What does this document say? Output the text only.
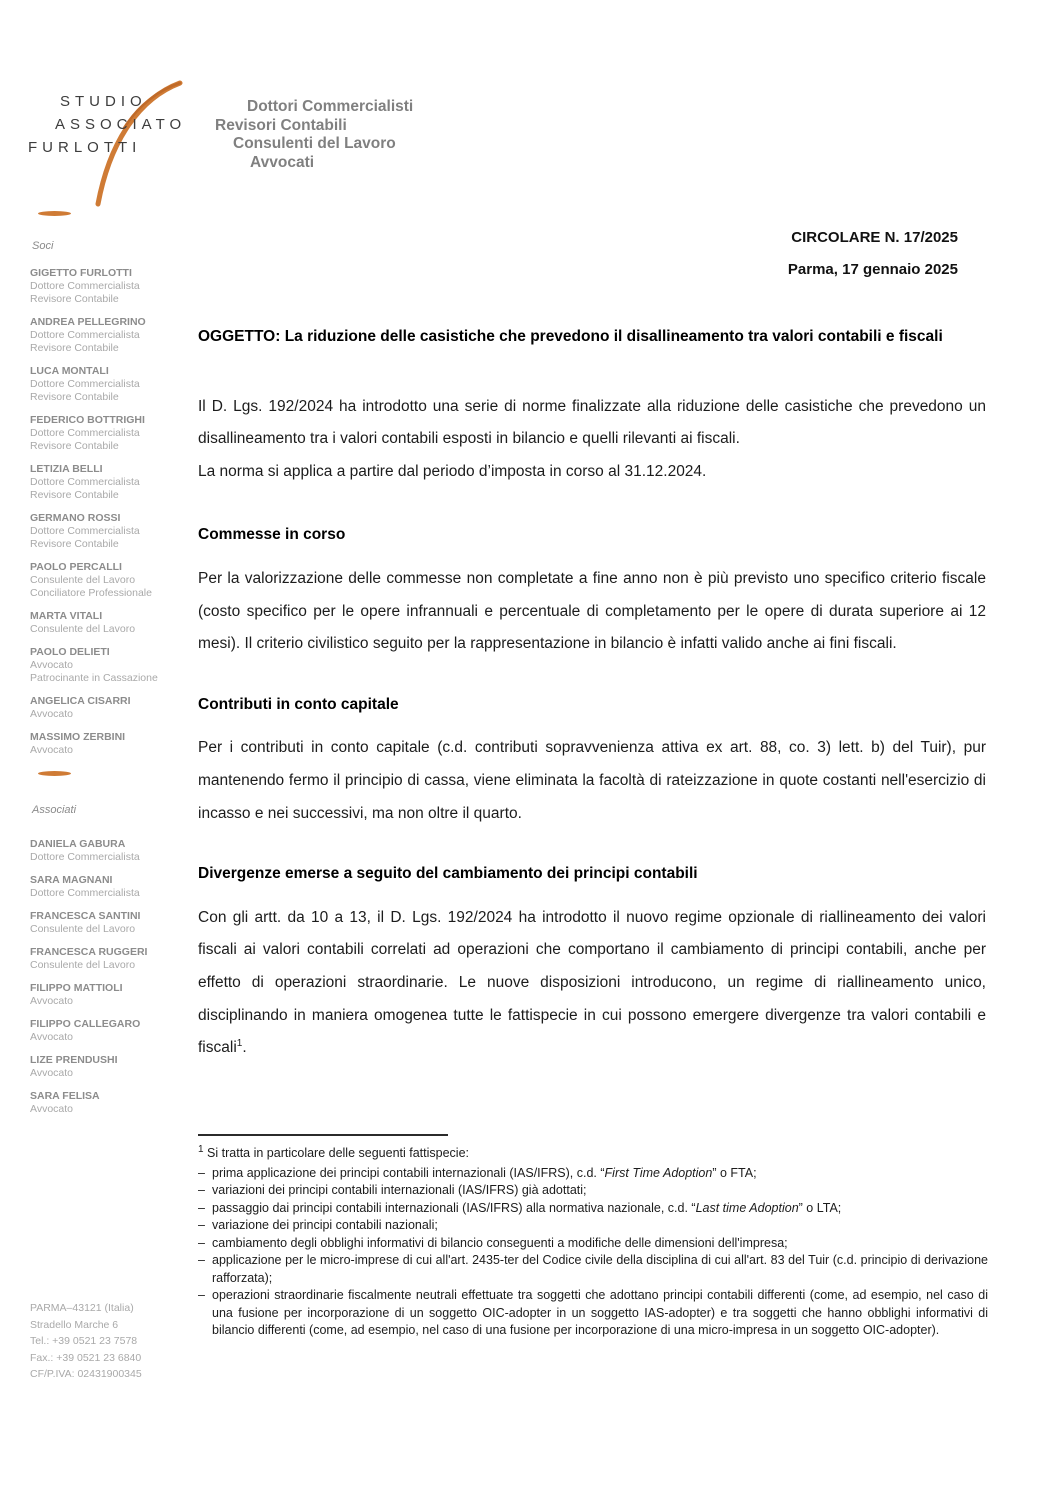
STUDIO
ASSOCIATO
FURLOTTI
Dottori Commercialisti
Revisori Contabili
Consulenti del Lavoro
Avvocati
CIRCOLARE N. 17/2025
Parma, 17 gennaio 2025
Soci
GIGETTO FURLOTTI
Dottore Commercialista
Revisore Contabile
ANDREA PELLEGRINO
Dottore Commercialista
Revisore Contabile
LUCA MONTALI
Dottore Commercialista
Revisore Contabile
FEDERICO BOTTRIGHI
Dottore Commercialista
Revisore Contabile
LETIZIA BELLI
Dottore Commercialista
Revisore Contabile
GERMANO ROSSI
Dottore Commercialista
Revisore Contabile
PAOLO PERCALLI
Consulente del Lavoro
Conciliatore Professionale
MARTA VITALI
Consulente del Lavoro
PAOLO DELIETI
Avvocato
Patrocinante in Cassazione
ANGELICA CISARRI
Avvocato
MASSIMO ZERBINI
Avvocato
Associati
DANIELA GABURA
Dottore Commercialista
SARA MAGNANI
Dottore Commercialista
FRANCESCA SANTINI
Consulente del Lavoro
FRANCESCA RUGGERI
Consulente del Lavoro
FILIPPO MATTIOLI
Avvocato
FILIPPO CALLEGARO
Avvocato
LIZE PRENDUSHI
Avvocato
SARA FELISA
Avvocato
PARMA–43121 (Italia)
Stradello Marche 6
Tel.: +39 0521 23 7578
Fax.: +39 0521 23 6840
CF/P.IVA: 02431900345
OGGETTO: La riduzione delle casistiche che prevedono il disallineamento tra valori contabili e fiscali

Il D. Lgs. 192/2024 ha introdotto una serie di norme finalizzate alla riduzione delle casistiche che prevedono un disallineamento tra i valori contabili esposti in bilancio e quelli rilevanti ai fiscali.

La norma si applica a partire dal periodo d’imposta in corso al 31.12.2024.

Commesse in corso

Per la valorizzazione delle commesse non completate a fine anno non è più previsto uno specifico criterio fiscale (costo specifico per le opere infrannuali e percentuale di completamento per le opere di durata superiore ai 12 mesi). Il criterio civilistico seguito per la rappresentazione in bilancio è infatti valido anche ai fini fiscali.

Contributi in conto capitale

Per i contributi in conto capitale (c.d. contributi sopravvenienza attiva ex art. 88, co. 3) lett. b) del Tuir), pur mantenendo fermo il principio di cassa, viene eliminata la facoltà di rateizzazione in quote costanti nell'esercizio di incasso e nei successivi, ma non oltre il quarto.

Divergenze emerse a seguito del cambiamento dei principi contabili

Con gli artt. da 10 a 13, il D. Lgs. 192/2024 ha introdotto il nuovo regime opzionale di riallineamento dei valori fiscali ai valori contabili correlati ad operazioni che comportano il cambiamento di principi contabili, anche per effetto di operazioni straordinarie. Le nuove disposizioni introducono, un regime di riallineamento unico, disciplinando in maniera omogenea tutte le fattispecie in cui possono emergere divergenze tra valori contabili e fiscali$^1$.

$^1$ Si tratta in particolare delle seguenti fattispecie:
– prima applicazione dei principi contabili internazionali (IAS/IFRS), c.d. “First Time Adoption” o FTA;
– variazioni dei principi contabili internazionali (IAS/IFRS) già adottati;
– passaggio dai principi contabili internazionali (IAS/IFRS) alla normativa nazionale, c.d. “Last time Adoption” o LTA;
– variazione dei principi contabili nazionali;
– cambiamento degli obblighi informativi di bilancio conseguenti a modifiche delle dimensioni dell'impresa;
– applicazione per le micro-imprese di cui all'art. 2435-ter del Codice civile della disciplina di cui all'art. 83 del Tuir (c.d. principio di derivazione rafforzata);
– operazioni straordinarie fiscalmente neutrali effettuate tra soggetti che adottano principi contabili differenti (come, ad esempio, nel caso di una fusione per incorporazione di un soggetto OIC-adopter in un soggetto IAS-adopter) e tra soggetti che hanno obblighi informativi di bilancio differenti (come, ad esempio, nel caso di una fusione per incorporazione di una micro-impresa in un soggetto OIC-adopter).
